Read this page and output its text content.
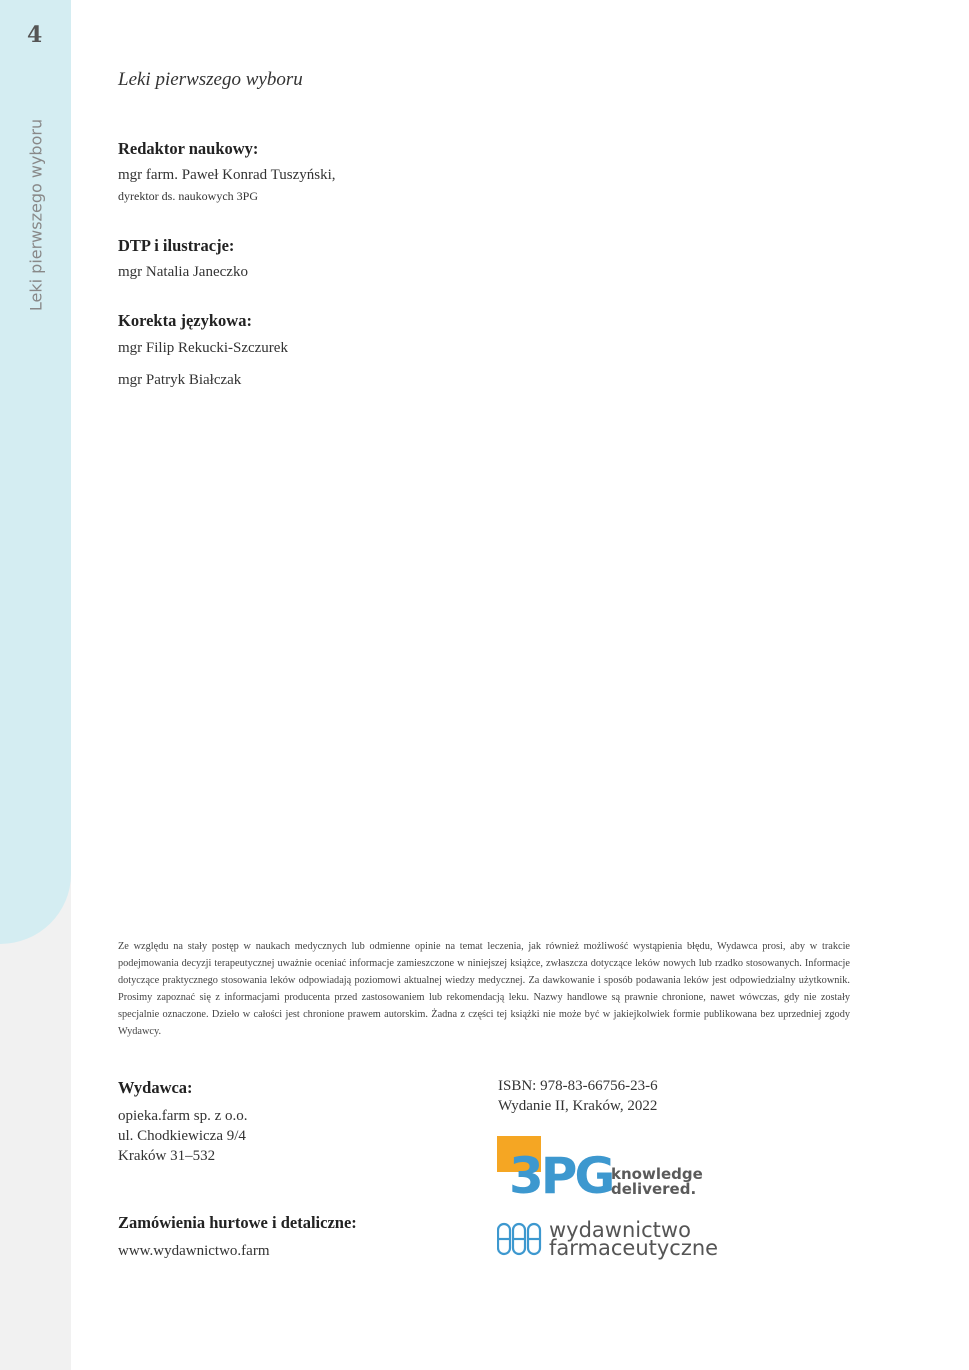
4
Leki pierwszego wyboru
Leki pierwszego wyboru
Redaktor naukowy:
mgr farm. Paweł Konrad Tuszyński,
dyrektor ds. naukowych 3PG
DTP i ilustracje:
mgr Natalia Janeczko
Korekta językowa:
mgr Filip Rekucki-Szczurek
mgr Patryk Białczak
Ze względu na stały postęp w naukach medycznych lub odmienne opinie na temat leczenia, jak również możliwość wystąpienia błędu, Wydawca prosi, aby w trakcie podejmowania decyzji terapeutycznej uważnie oceniać informacje zamieszczone w niniejszej książce, zwłaszcza dotyczące leków nowych lub rzadko stosowanych. Informacje dotyczące praktycznego stosowania leków odpowiadają poziomowi aktualnej wiedzy medycznej. Za dawkowanie i sposób podawania leków jest odpowiedzialny użytkownik. Prosimy zapoznać się z informacjami producenta przed zastosowaniem lub rekomendacją leku. Nazwy handlowe są prawnie chronione, nawet wówczas, gdy nie zostały specjalnie oznaczone. Dzieło w całości jest chronione prawem autorskim. Żadna z części tej książki nie może być w jakiejkolwiek formie publikowana bez uprzedniej zgody Wydawcy.
Wydawca:
opieka.farm sp. z o.o.
ul. Chodkiewicza 9/4
Kraków 31–532
Zamówienia hurtowe i detaliczne:
www.wydawnictwo.farm
ISBN: 978-83-66756-23-6
Wydanie II, Kraków, 2022
3PG
knowledge
delivered.
wydawnictwo
farmaceutyczne
